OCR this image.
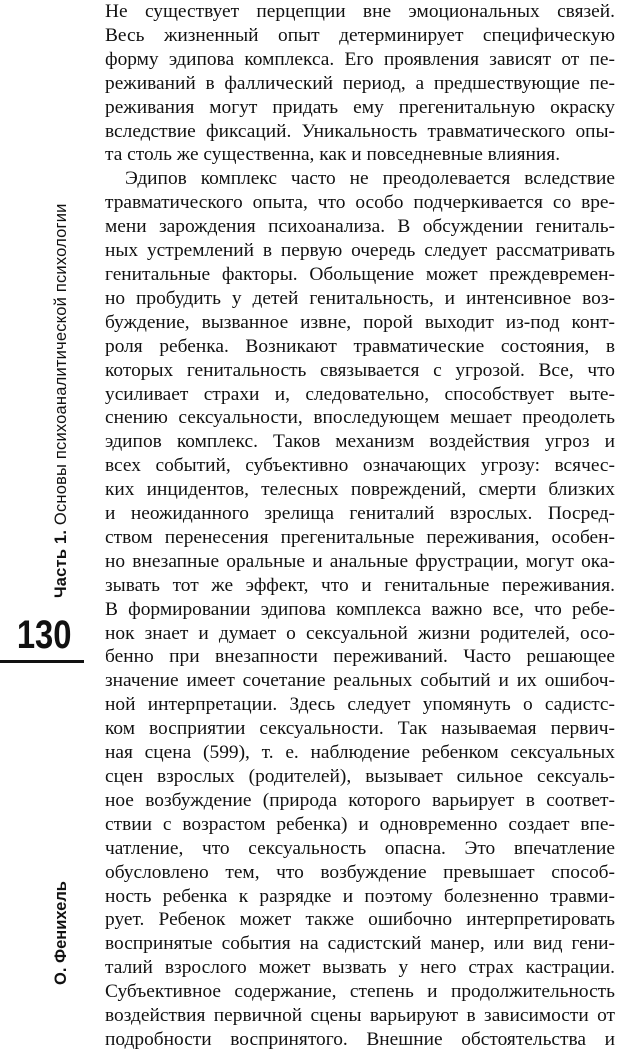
Часть 1. Основы психоаналитической психологии
130
О. Фенихель

Не существует перцепции вне эмоциональных связей.
Весь жизненный опыт детерминирует специфическую
форму эдипова комплекса. Его проявления зависят от пе-
реживаний в фаллический период, а предшествующие пе-
реживания могут придать ему прегенитальную окраску
вследствие фиксаций. Уникальность травматического опы-
та столь же существенна, как и повседневные влияния.

Эдипов комплекс часто не преодолевается вследствие
травматического опыта, что особо подчеркивается со вре-
мени зарождения психоанализа. В обсуждении гениталь-
ных устремлений в первую очередь следует рассматривать
генитальные факторы. Обольщение может преждевремен-
но пробудить у детей генитальность, и интенсивное воз-
буждение, вызванное извне, порой выходит из-под конт-
роля ребенка. Возникают травматические состояния, в
которых генитальность связывается с угрозой. Все, что
усиливает страхи и, следовательно, способствует выте-
снению сексуальности, впоследующем мешает преодолеть
эдипов комплекс. Таков механизм воздействия угроз и
всех событий, субъективно означающих угрозу: всячес-
ких инцидентов, телесных повреждений, смерти близких
и неожиданного зрелища гениталий взрослых. Посред-
ством перенесения прегенитальные переживания, особен-
но внезапные оральные и анальные фрустрации, могут ока-
зывать тот же эффект, что и генитальные переживания.
В формировании эдипова комплекса важно все, что ребе-
нок знает и думает о сексуальной жизни родителей, осо-
бенно при внезапности переживаний. Часто решающее
значение имеет сочетание реальных событий и их ошибоч-
ной интерпретации. Здесь следует упомянуть о садистс-
ком восприятии сексуальности. Так называемая первич-
ная сцена (599), т. е. наблюдение ребенком сексуальных
сцен взрослых (родителей), вызывает сильное сексуаль-
ное возбуждение (природа которого варьирует в соответ-
ствии с возрастом ребенка) и одновременно создает впе-
чатление, что сексуальность опасна. Это впечатление
обусловлено тем, что возбуждение превышает способ-
ность ребенка к разрядке и поэтому болезненно травми-
рует. Ребенок может также ошибочно интерпретировать
воспринятые события на садистский манер, или вид гени-
талий взрослого может вызвать у него страх кастрации.
Субъективное содержание, степень и продолжительность
воздействия первичной сцены варьируют в зависимости от
подробности воспринятого. Внешние обстоятельства и
